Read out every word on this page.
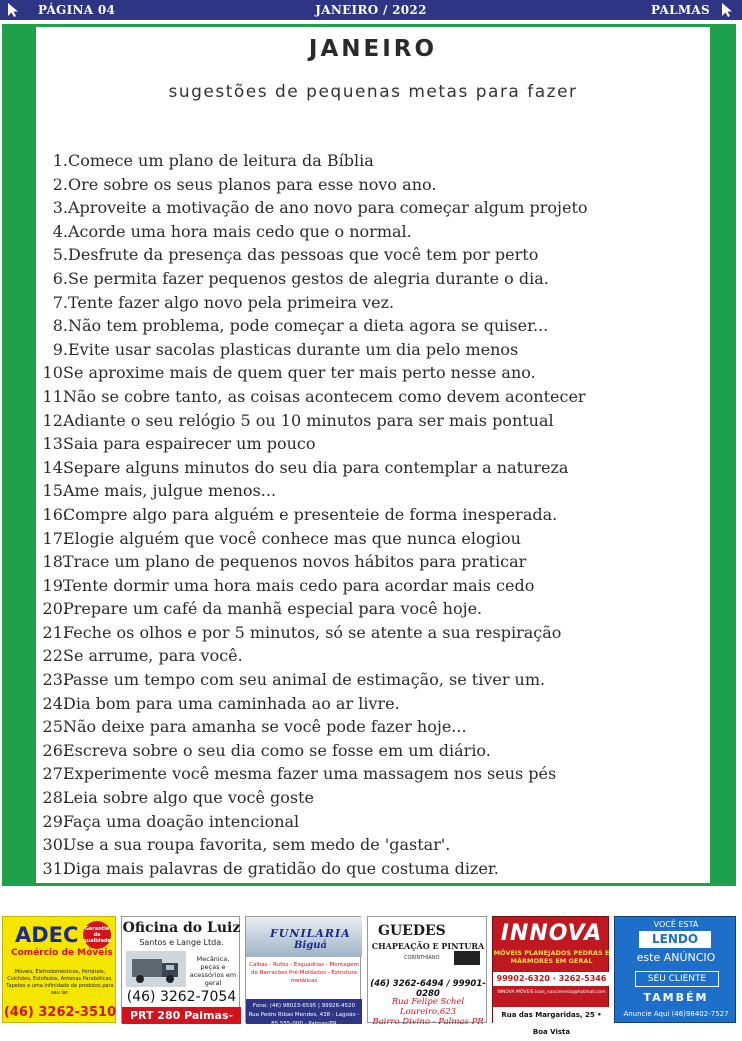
PÁGINA 04	JANEIRO / 2022	PALMAS
JANEIRO
sugestões de pequenas metas para fazer
1. Comece um plano de leitura da Bíblia
2. Ore sobre os seus planos para esse novo ano.
3. Aproveite a motivação de ano novo para começar algum projeto
4. Acorde uma hora mais cedo que o normal.
5. Desfrute da presença das pessoas que você tem por perto
6. Se permita fazer pequenos gestos de alegria durante o dia.
7. Tente fazer algo novo pela primeira vez.
8. Não tem problema, pode começar a dieta agora se quiser...
9. Evite usar sacolas plasticas durante um dia pelo menos
10.
Se aproxime mais de quem quer ter mais perto nesse ano.
11.
Não se cobre tanto, as coisas acontecem como devem acontecer
12.
Adiante o seu relógio 5 ou 10 minutos para ser mais pontual
13.
Saia para espairecer um pouco
14.
Separe alguns minutos do seu dia para contemplar a natureza
15.
Ame mais, julgue menos...
16.
Compre algo para alguém e presenteie de forma inesperada.
17.
Elogie alguém que você conhece mas que nunca elogiou
18.
Trace um plano de pequenos novos hábitos para praticar
19.
Tente dormir uma hora mais cedo para acordar mais cedo
20.
Prepare um café da manhã especial para você hoje.
21.
Feche os olhos e por 5 minutos, só se atente a sua respiração
22.
Se arrume, para você.
23.
Passe um tempo com seu animal de estimação, se tiver um.
24.
Dia bom para uma caminhada ao ar livre.
25.
Não deixe para amanha se você pode fazer hoje...
26.
Escreva sobre o seu dia como se fosse em um diário.
27.
Experimente você mesma fazer uma massagem nos seus pés
28.
Leia sobre algo que você goste
29.
Faça uma doação intencional
30.
Use a sua roupa favorita, sem medo de 'gastar'.
31.
Diga mais palavras de gratidão do que costuma dizer.
ADEC	Garantia de qualidade
Comércio de Móveis
Móveis, Eletrodomésticos, Portáteis, Colchões, Estofados, Antenas Parabólicas, Tapetes e uma infinidade de produtos para seu lar.
(46) 3262-3510
Oficina do Luiz
Santos e Lange Ltda.
Mecânica, peças e acessórios em geral
(46) 3262-7054
PRT 280 Palmas-PR
FUNILARIA
Biguá
Calhas - Rufos - Esquadrias - Montagem de Barracões Pré-Moldados - Estrutura metálicas
Fone: (46) 98023-6595 | 99926-4520
Rua Pedro Ribas Mendes, 438 - Lagoão - 85.555-000 - Palmas/PR
GUEDES
CHAPEAÇÃO E PINTURA
CORINTHIANO
(46) 3262-6494 / 99901-0280
Rua Felipe Schel Loureiro,623
Bairro Divino - Palmas PR
INNOVA
MÓVEIS PLANEJADOS PEDRAS E MÁRMORES EM GERAL
99902-6320 · 3262-5346
INNOVA MÓVEIS loan_nascimento@hotmail.com
Rua das Margaridas, 25 • Boa Vista
VOCÊ ESTÁ
LENDO
este ANÚNCIO
SEU CLIENTE
TAMBÉM
Anuncie Aqui (46)98402-7527
